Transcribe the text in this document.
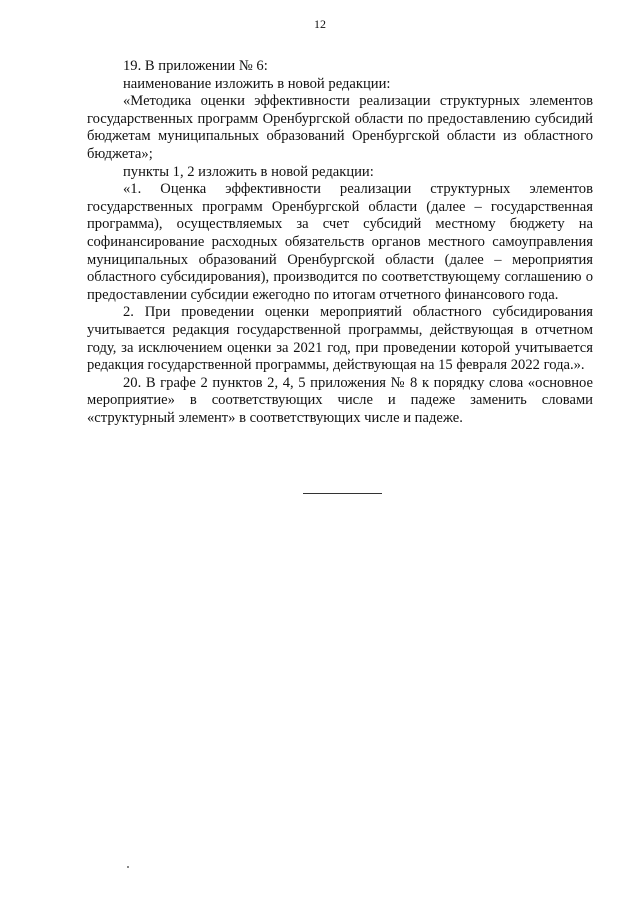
12

19. В приложении № 6:

наименование изложить в новой редакции:

«Методика оценки эффективности реализации структурных элементов государственных программ Оренбургской области по предоставлению субсидий бюджетам муниципальных образований Оренбургской области из областного бюджета»;

пункты 1, 2 изложить в новой редакции:

«1. Оценка эффективности реализации структурных элементов государственных программ Оренбургской области (далее – государственная программа), осуществляемых за счет субсидий местному бюджету на софинансирование расходных обязательств органов местного самоуправления муниципальных образований Оренбургской области (далее – мероприятия областного субсидирования), производится по соответствующему соглашению о предоставлении субсидии ежегодно по итогам отчетного финансового года.

2. При проведении оценки мероприятий областного субсидирования учитывается редакция государственной программы, действующая в отчетном году, за исключением оценки за 2021 год, при проведении которой учитывается редакция государственной программы, действующая на 15 февраля 2022 года.».

20. В графе 2 пунктов 2, 4, 5 приложения № 8 к порядку слова «основное мероприятие» в соответствующих числе и падеже заменить словами «структурный элемент» в соответствующих числе и падеже.
